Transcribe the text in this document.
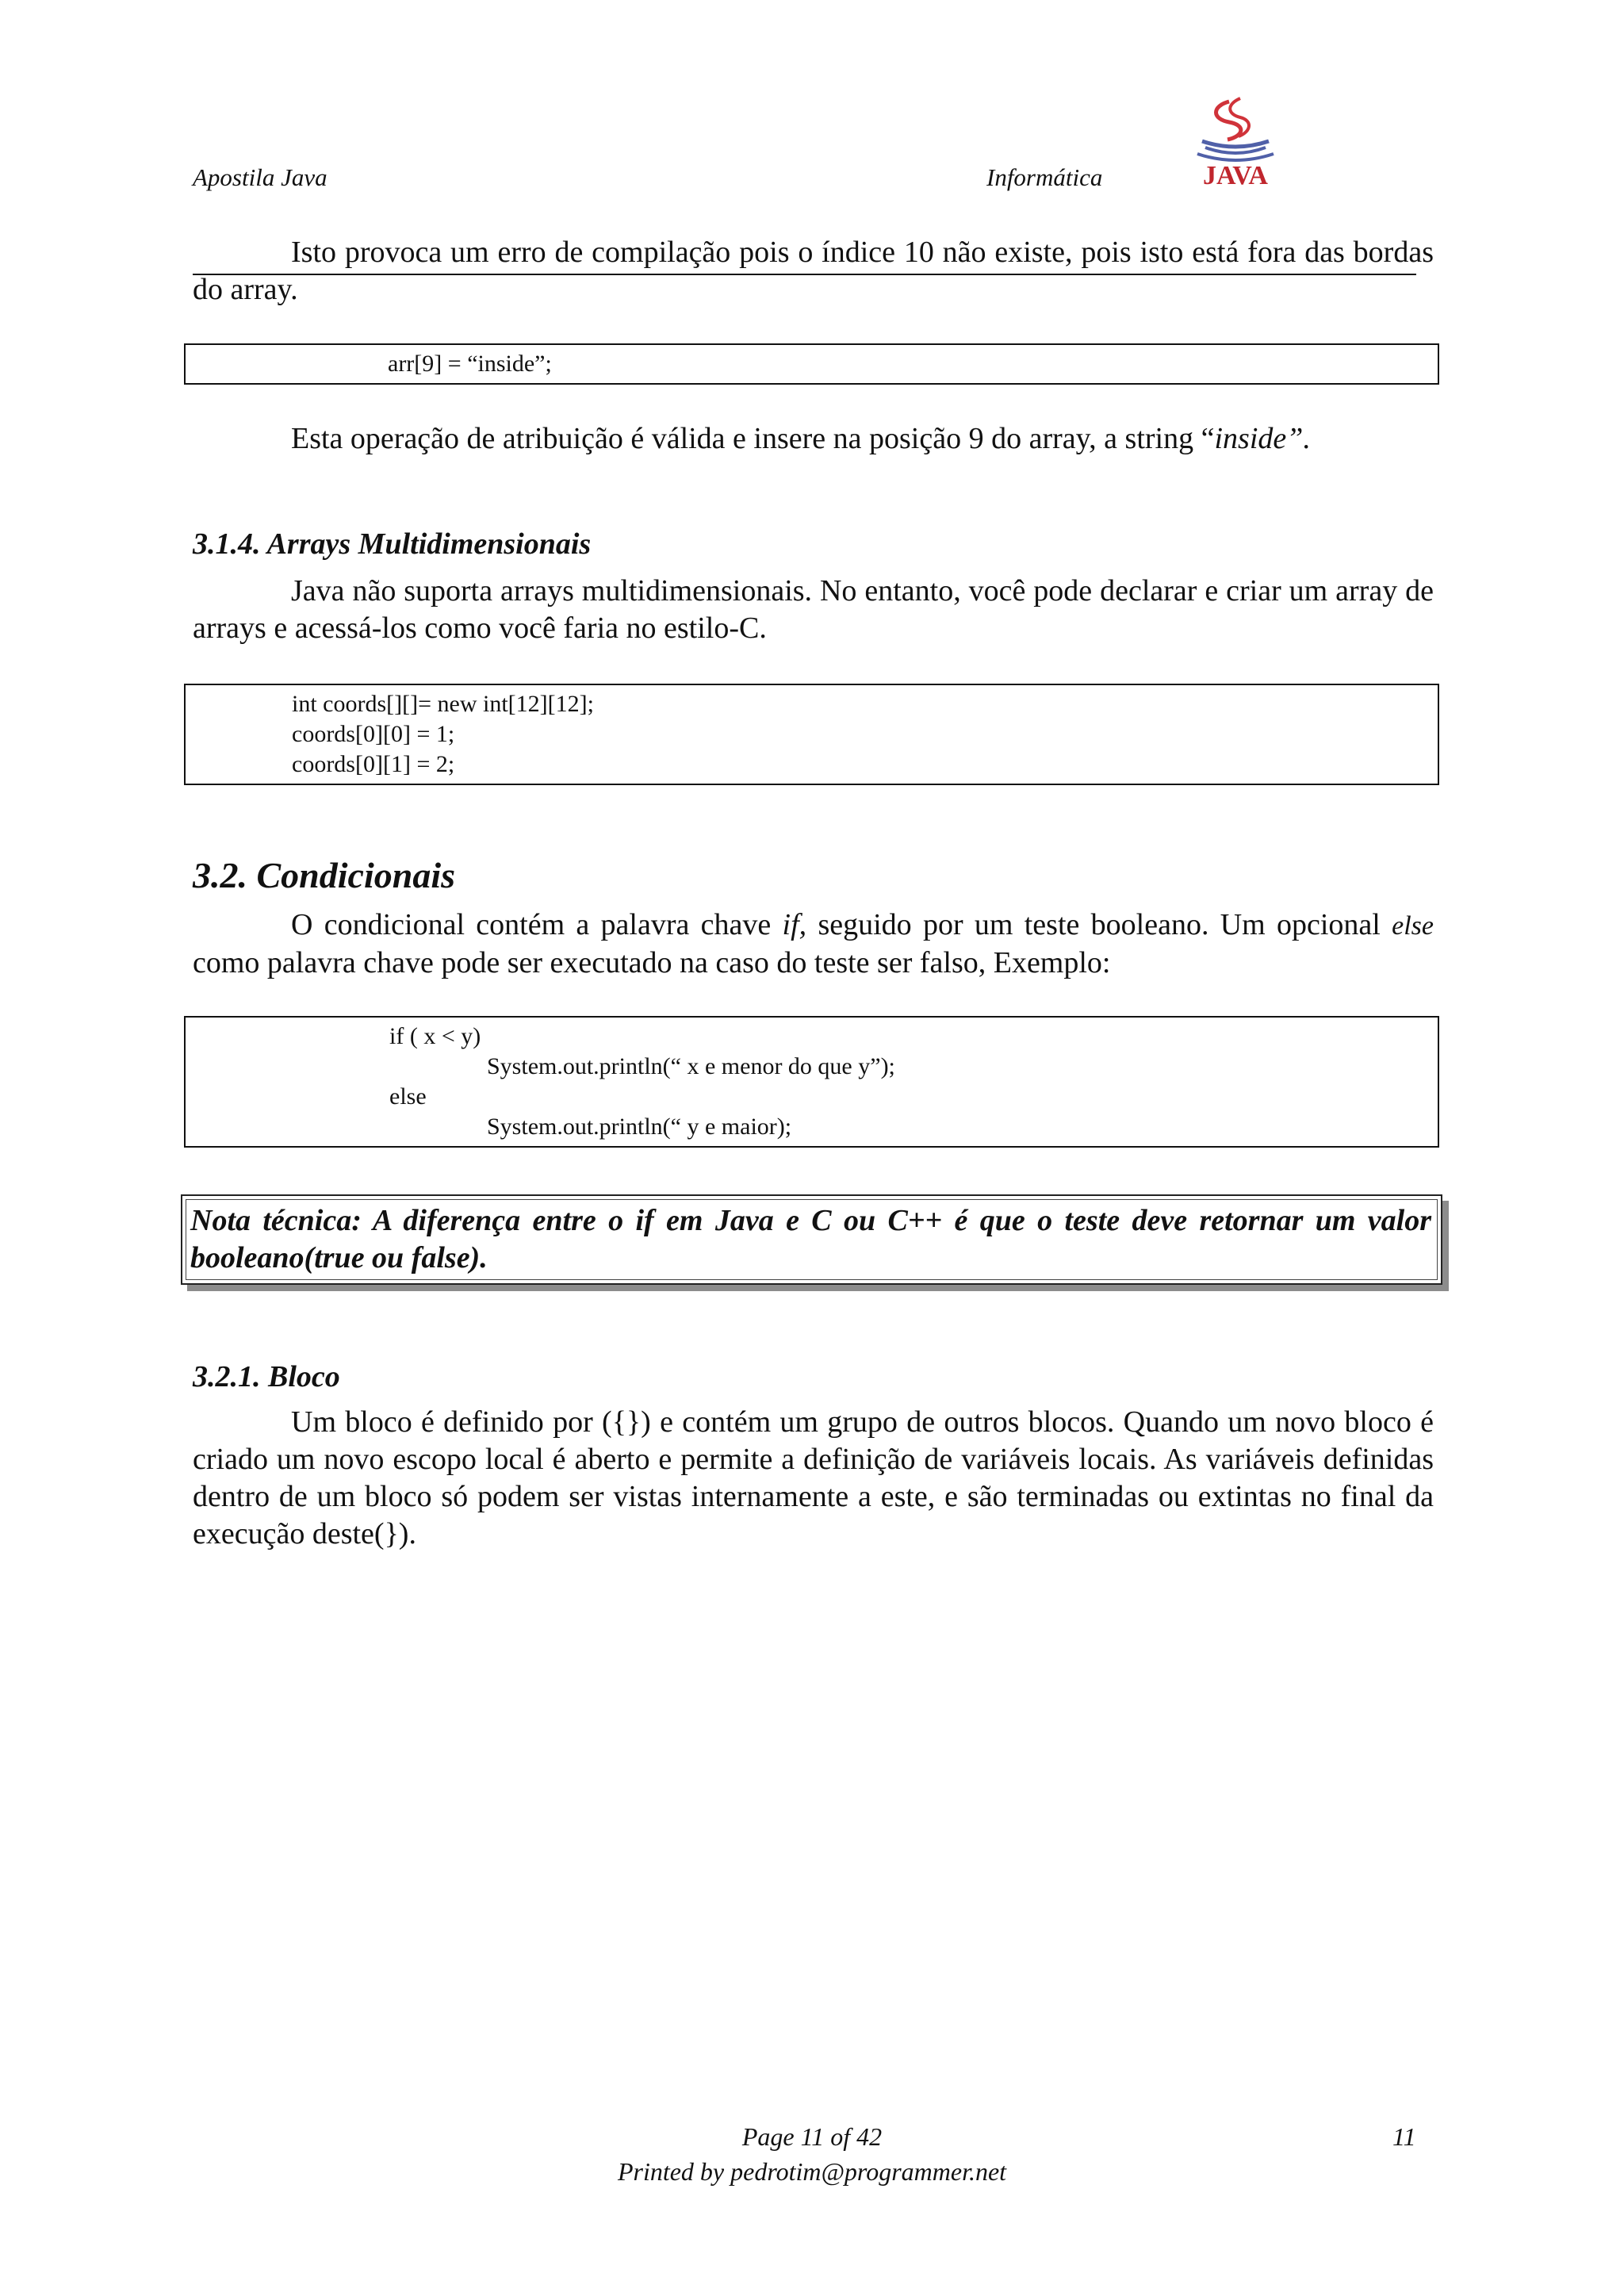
Apostila Java	Informática	JAVA

Isto provoca um erro de compilação pois o índice 10 não existe, pois isto está fora das bordas do array.

arr[9] = “inside”;

Esta operação de atribuição é válida e insere na posição 9 do array, a string “inside”.

3.1.4. Arrays Multidimensionais

Java não suporta arrays multidimensionais. No entanto, você pode declarar e criar um array de arrays e acessá-los como você faria no estilo-C.

int coords[][]= new int[12][12];
coords[0][0] = 1;
coords[0][1] = 2;
3.2. Condicionais

O condicional contém a palavra chave if, seguido por um teste booleano. Um opcional else como palavra chave pode ser executado na caso do teste ser falso, Exemplo:

if ( x < y)
System.out.println(“ x e menor do que y”);
else
System.out.println(“ y e maior);

Nota técnica: A diferença entre o if em Java e C ou C++ é que o teste deve retornar um valor booleano(true ou false).

3.2.1. Bloco

Um bloco é definido por ({}) e contém um grupo de outros blocos. Quando um novo bloco é criado um novo escopo local é aberto e permite a definição de variáveis locais. As variáveis definidas dentro de um bloco só podem ser vistas internamente a este, e são terminadas ou extintas no final da execução deste(}).

Page 11 of 42
Printed by pedrotim@programmer.net
11
